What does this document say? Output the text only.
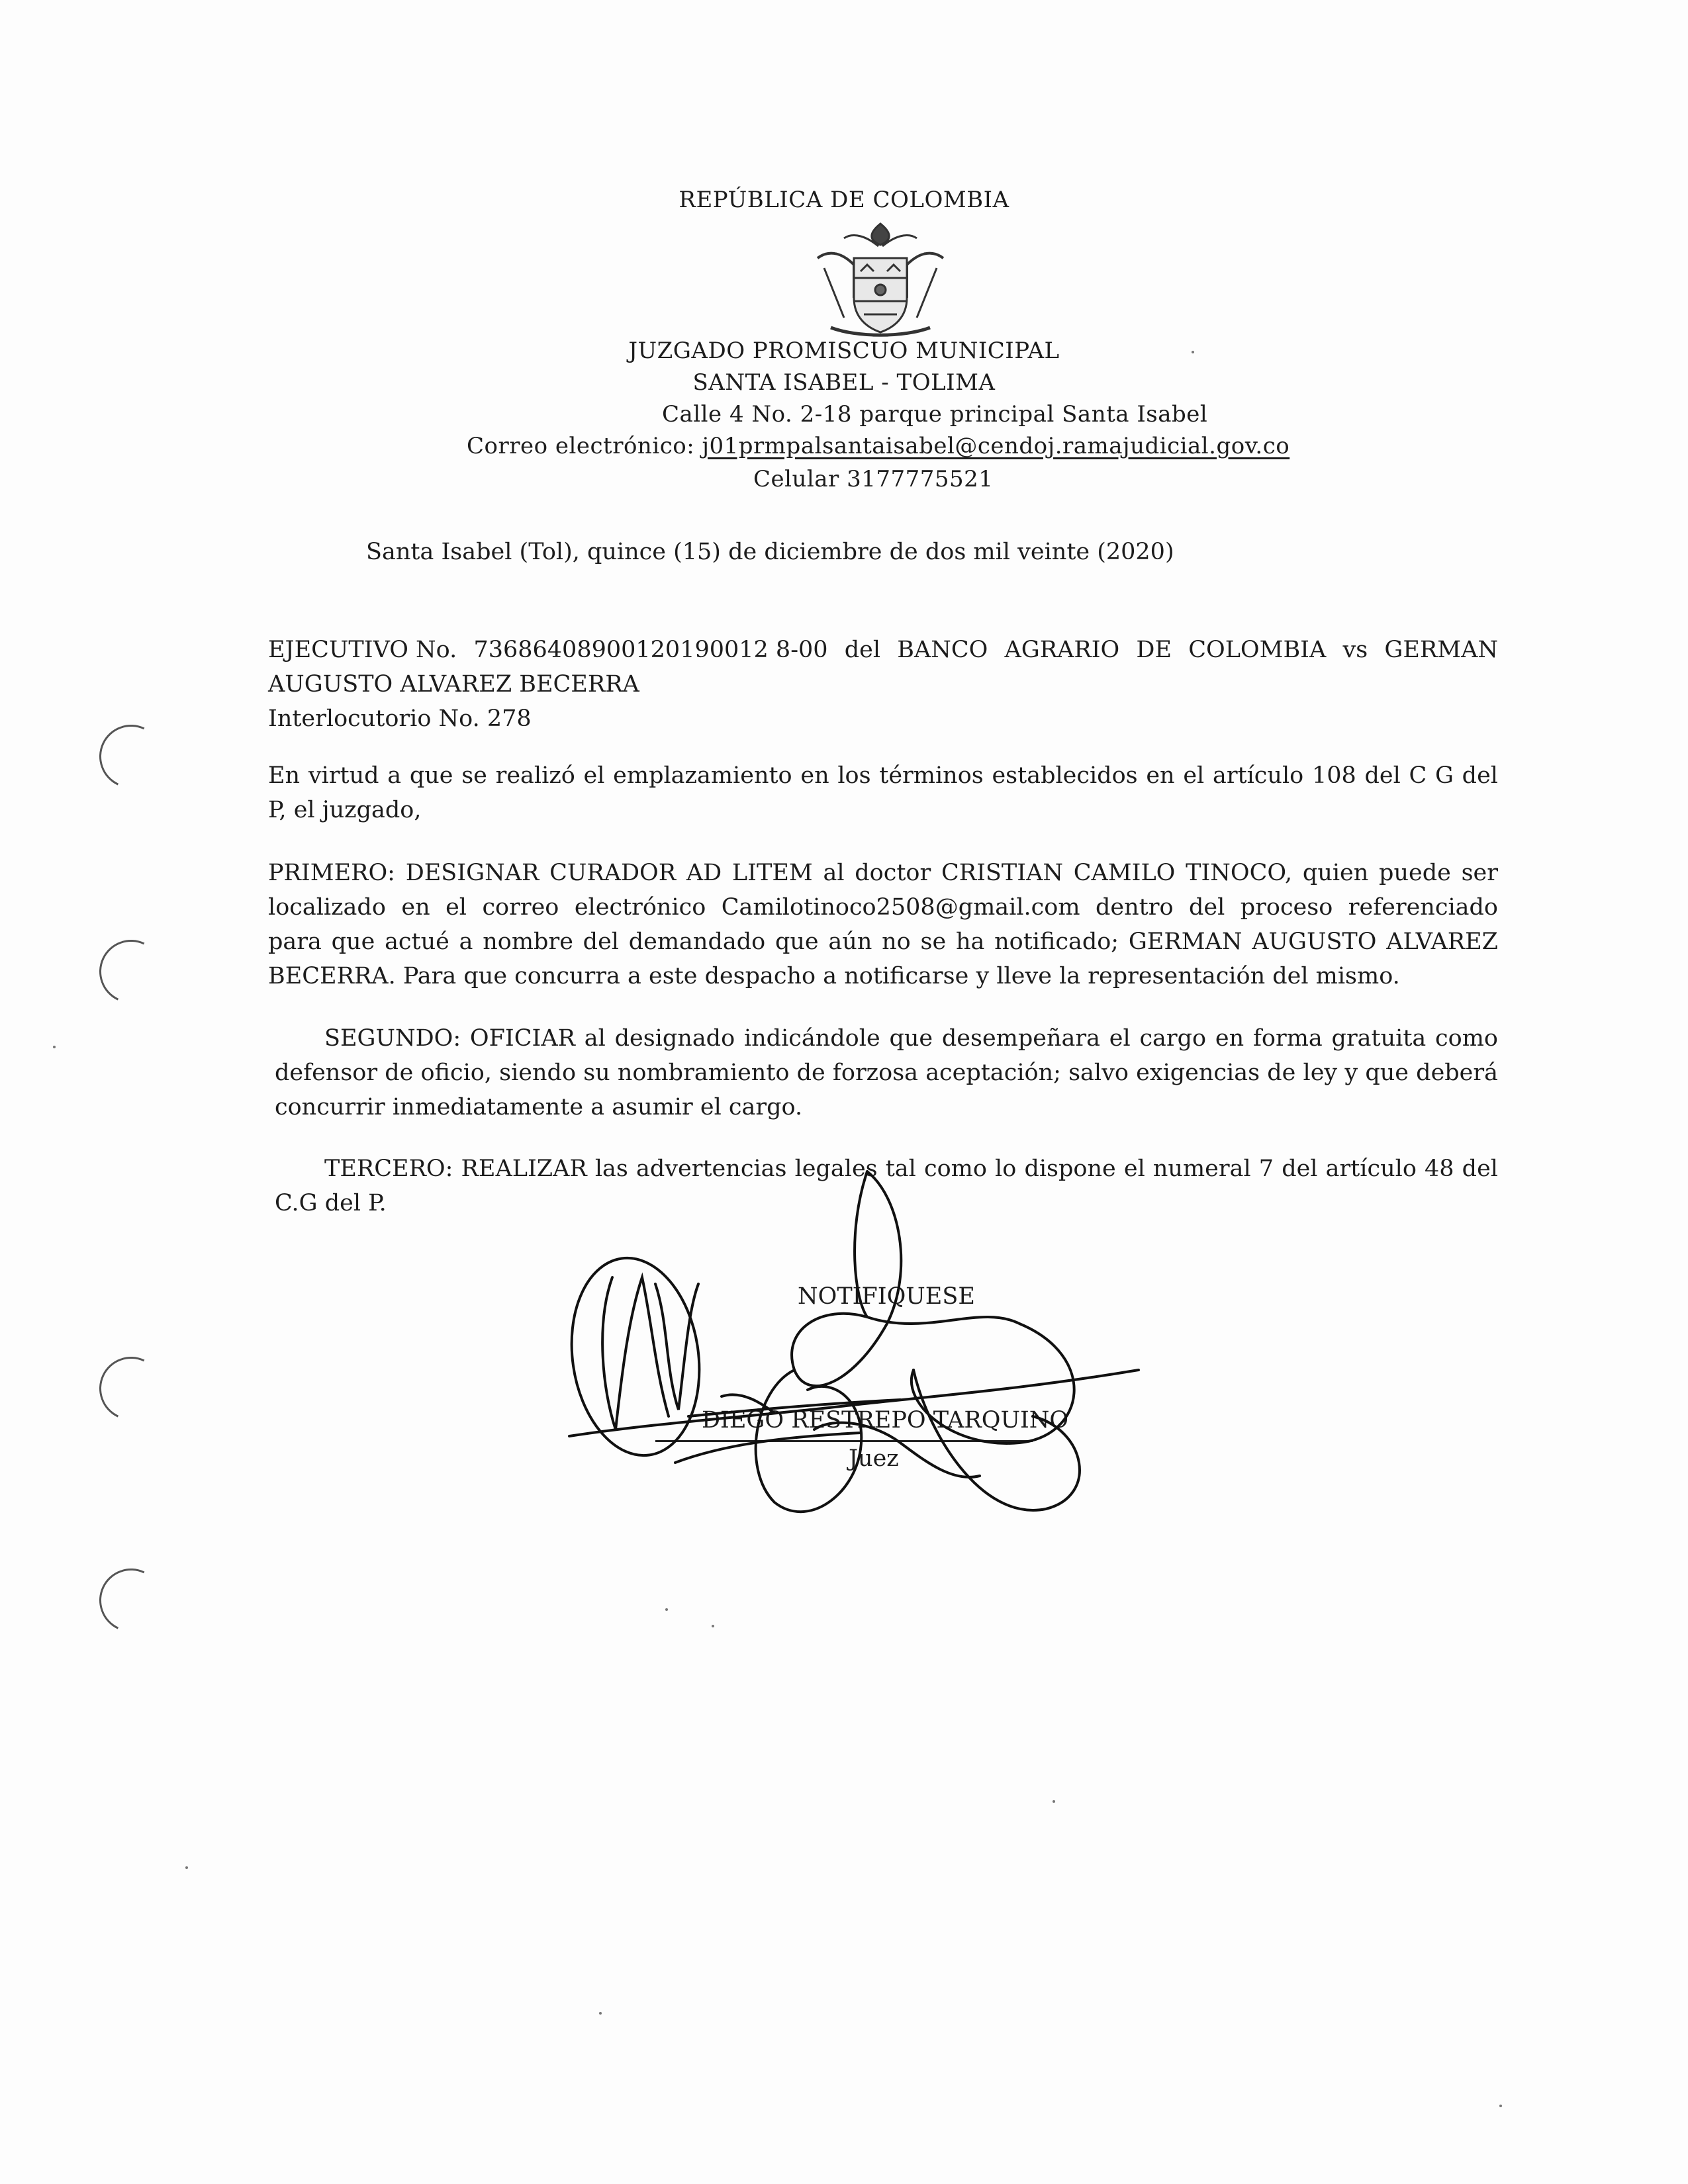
REPÚBLICA DE COLOMBIA
JUZGADO PROMISCUO MUNICIPAL
SANTA ISABEL - TOLIMA
Calle 4 No. 2-18 parque principal Santa Isabel
Correo electrónico: j01prmpalsantaisabel@cendoj.ramajudicial.gov.co
Celular 3177775521
Santa Isabel (Tol), quince (15) de diciembre de dos mil veinte (2020)
EJECUTIVO No. 73686408900120190012 8-00 del BANCO AGRARIO DE COLOMBIA vs GERMAN
AUGUSTO ALVAREZ BECERRA
Interlocutorio No. 278
En virtud a que se realizó el emplazamiento en los términos establecidos en el artículo 108 del C G del
P, el juzgado,
PRIMERO: DESIGNAR CURADOR AD LITEM al doctor CRISTIAN CAMILO TINOCO, quien puede ser
localizado en el correo electrónico Camilotinoco2508@gmail.com dentro del proceso referenciado
para que actué a nombre del demandado que aún no se ha notificado; GERMAN AUGUSTO ALVAREZ
BECERRA. Para que concurra a este despacho a notificarse y lleve la representación del mismo.
SEGUNDO: OFICIAR al designado indicándole que desempeñara el cargo en forma gratuita como
defensor de oficio, siendo su nombramiento de forzosa aceptación; salvo exigencias de ley y que deberá
concurrir inmediatamente a asumir el cargo.
TERCERO: REALIZAR las advertencias legales tal como lo dispone el numeral 7 del artículo 48 del
C.G del P.
NOTIFIQUESE
DIEGO RESTREPO TARQUINO
Juez
